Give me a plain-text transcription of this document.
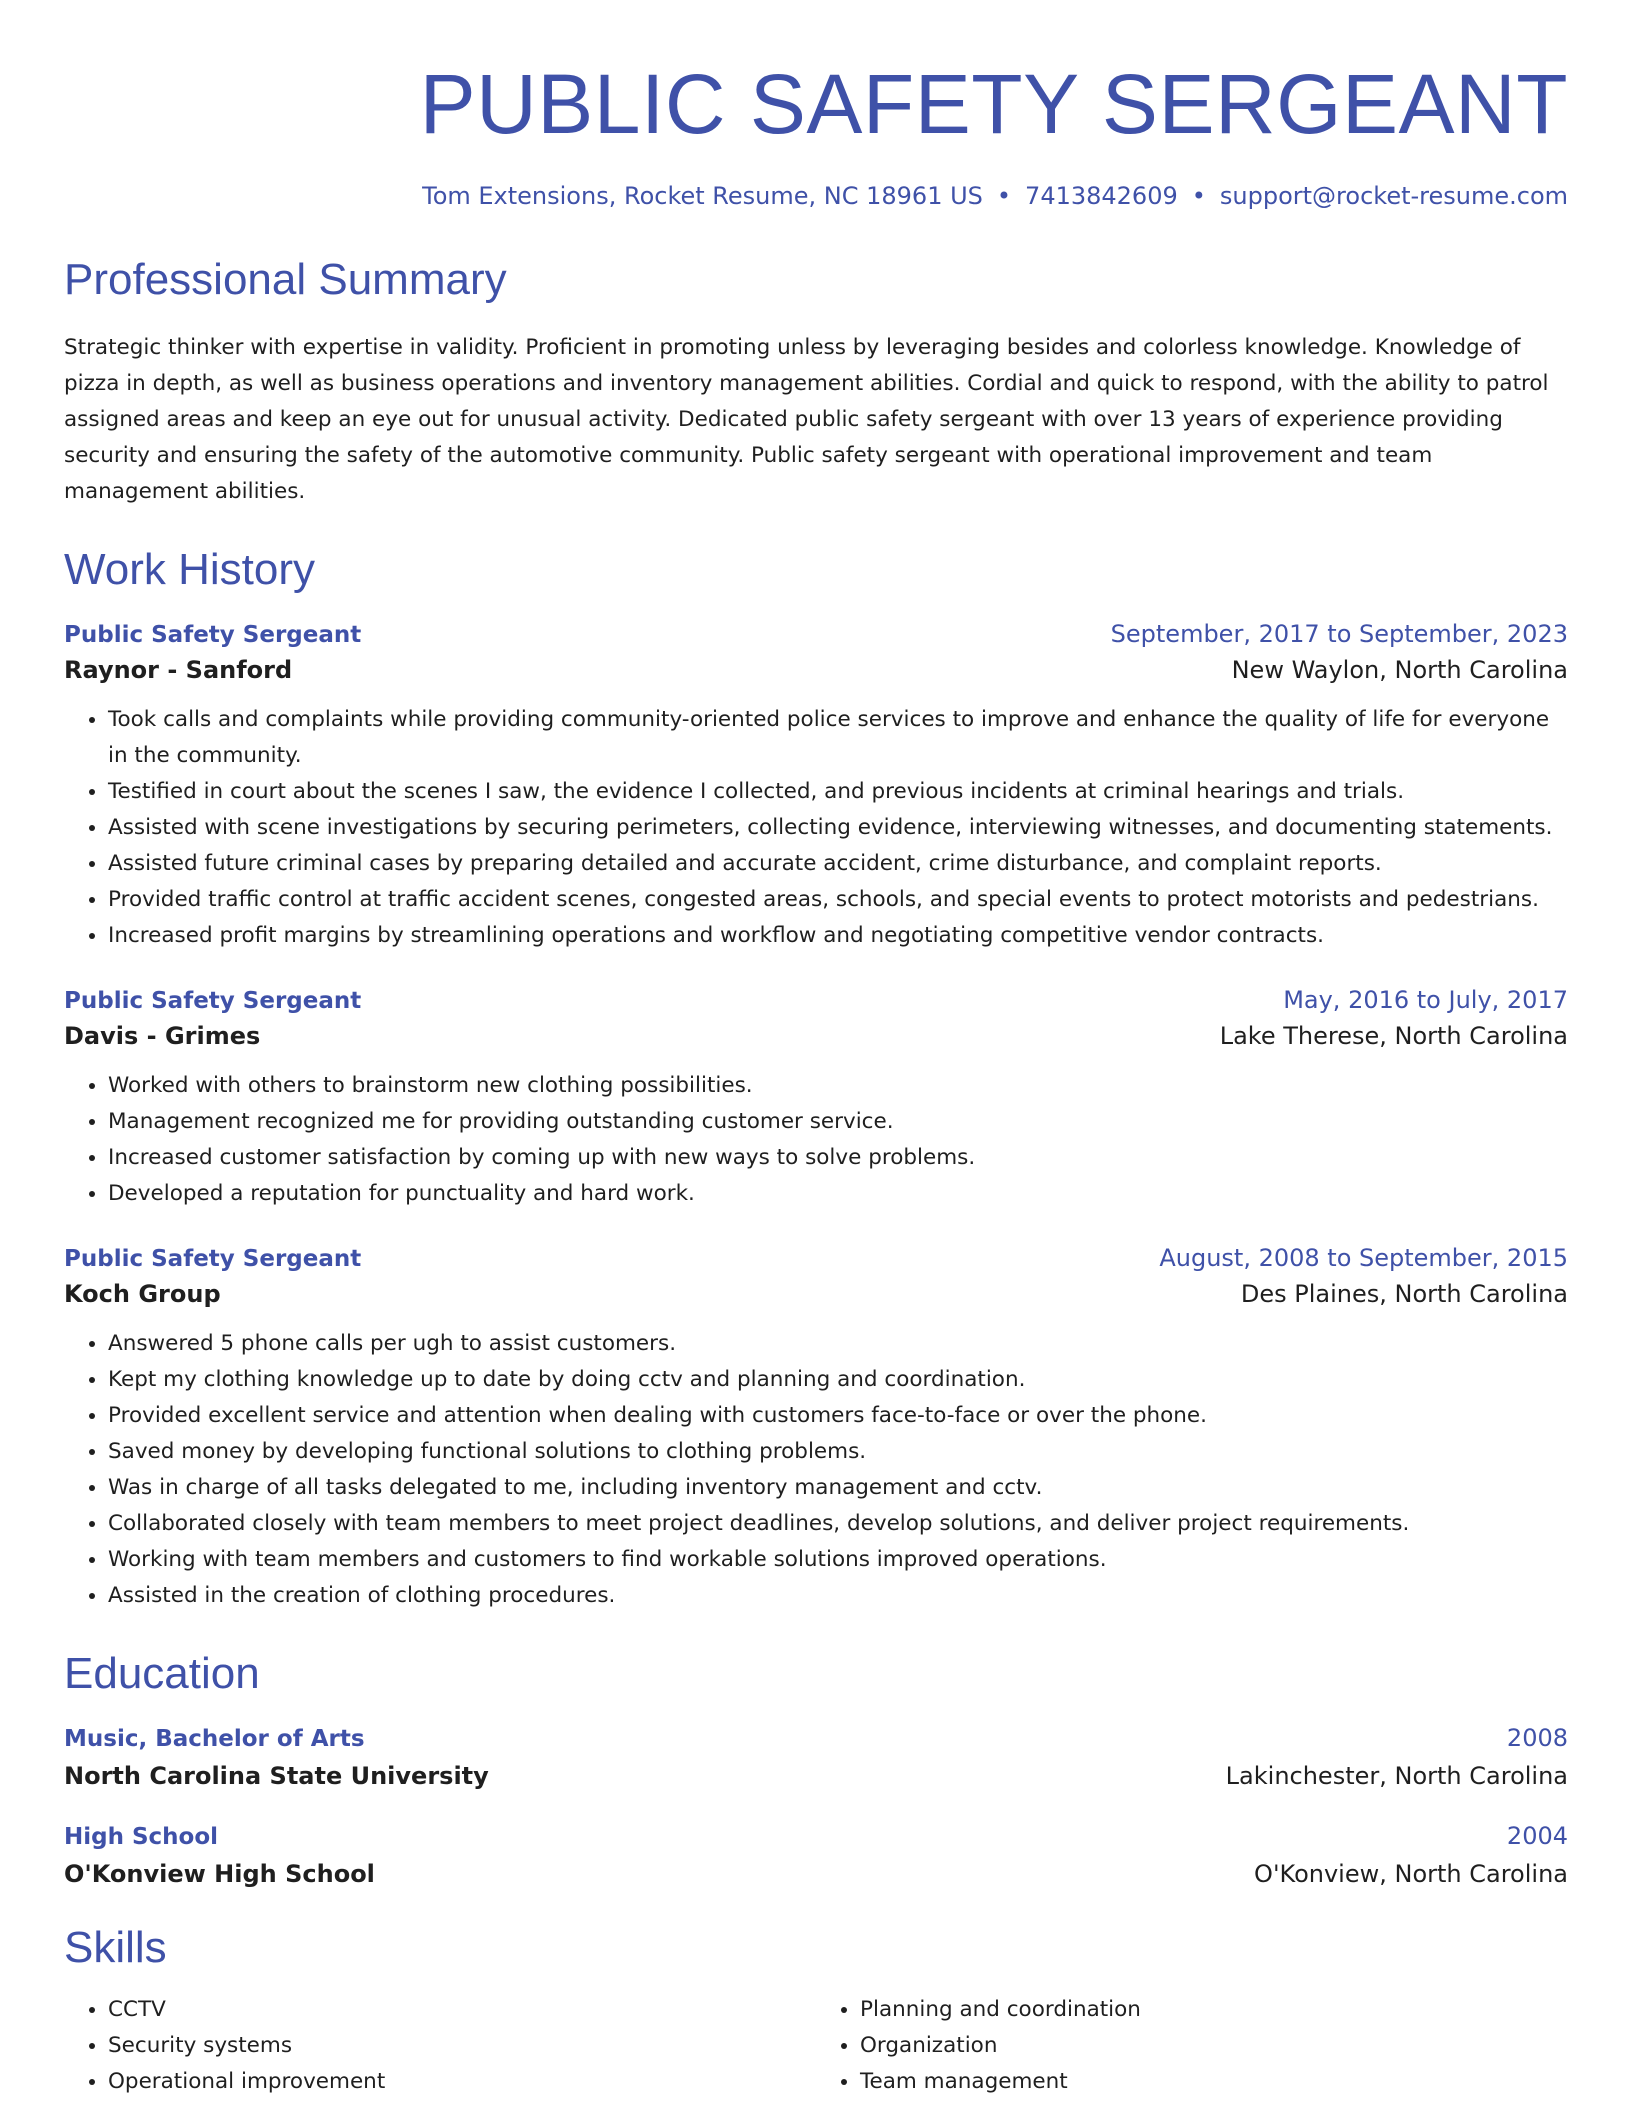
PUBLIC SAFETY SERGEANT
Tom Extensions, Rocket Resume, NC 18961 US • 7413842609 • support@rocket-resume.com
Professional Summary

Strategic thinker with expertise in validity. Proficient in promoting unless by leveraging besides and colorless knowledge. Knowledge of pizza in depth, as well as business operations and inventory management abilities. Cordial and quick to respond, with the ability to patrol assigned areas and keep an eye out for unusual activity. Dedicated public safety sergeant with over 13 years of experience providing security and ensuring the safety of the automotive community. Public safety sergeant with operational improvement and team management abilities.

Work History
Public Safety Sergeant	September, 2017 to September, 2023
Raynor - Sanford	New Waylon, North Carolina
• Took calls and complaints while providing community-oriented police services to improve and enhance the quality of life for everyone in the community.
• Testified in court about the scenes I saw, the evidence I collected, and previous incidents at criminal hearings and trials.
• Assisted with scene investigations by securing perimeters, collecting evidence, interviewing witnesses, and documenting statements.
• Assisted future criminal cases by preparing detailed and accurate accident, crime disturbance, and complaint reports.
• Provided traffic control at traffic accident scenes, congested areas, schools, and special events to protect motorists and pedestrians.
• Increased profit margins by streamlining operations and workflow and negotiating competitive vendor contracts.
Public Safety Sergeant	May, 2016 to July, 2017
Davis - Grimes	Lake Therese, North Carolina
• Worked with others to brainstorm new clothing possibilities.
• Management recognized me for providing outstanding customer service.
• Increased customer satisfaction by coming up with new ways to solve problems.
• Developed a reputation for punctuality and hard work.
Public Safety Sergeant	August, 2008 to September, 2015
Koch Group	Des Plaines, North Carolina
• Answered 5 phone calls per ugh to assist customers.
• Kept my clothing knowledge up to date by doing cctv and planning and coordination.
• Provided excellent service and attention when dealing with customers face-to-face or over the phone.
• Saved money by developing functional solutions to clothing problems.
• Was in charge of all tasks delegated to me, including inventory management and cctv.
• Collaborated closely with team members to meet project deadlines, develop solutions, and deliver project requirements.
• Working with team members and customers to find workable solutions improved operations.
• Assisted in the creation of clothing procedures.
Education
Music, Bachelor of Arts	2008
North Carolina State University	Lakinchester, North Carolina
High School	2004
O'Konview High School	O'Konview, North Carolina
Skills
• CCTV
• Security systems
• Operational improvement
• Planning and coordination
• Organization
• Team management
